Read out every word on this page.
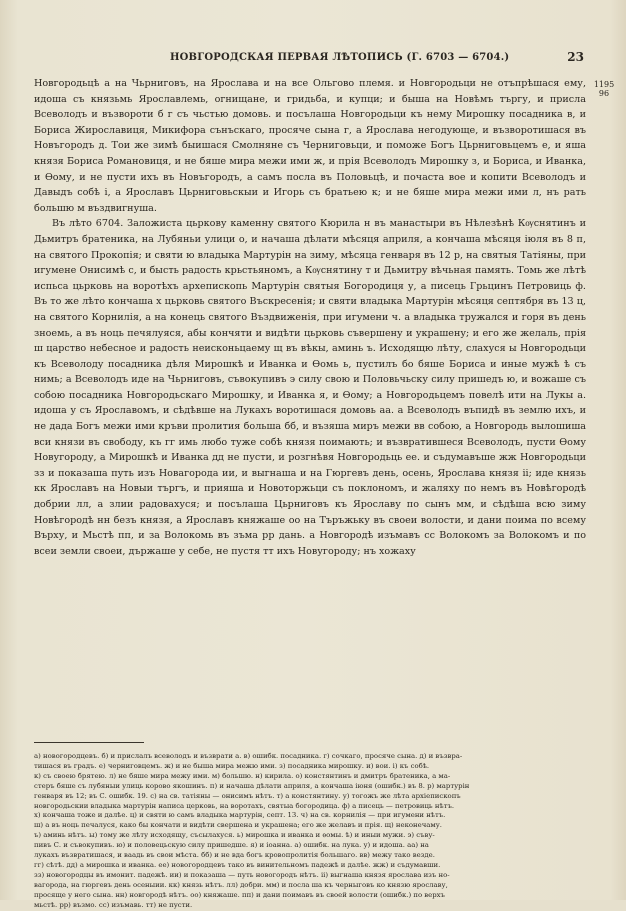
НОВГОРОДСКАЯ ПЕРВАЯ ЛѢТОПИСЬ (Г. 6703 — 6704.)	23
1195
96

Новгородьцѣ а на Чьрниговъ, на Ярослава и на все Ольгово племя. и Новгородьци не отъпрѣшася ему, идоша съ князьмь Ярославлемь, огнищане, и гридьба, и купци; и быша на Новѣмъ търгу, и присла Всеволодъ и възвороти б г съ чьстью домовь. и посълаша Новгородьци къ нему Мирошку посадника в, и Бориса Жирославиця, Микифора сънъскаго, просяче сына г, а Ярослава негодующе, и възворотишася въ Новъгородъ д. Тои же зимѣ быишася Смолняне съ Черниговьци, и поможе Богъ Цьрниговьцемъ е, и яша князя Бориса Романовиця, и не бяше мира межи ими ж, и прія Всеволодъ Мирошку з, и Бориса, и Иванка, и Ѳому, и не пусти ихъ въ Новъгородъ, а самъ посла въ Половьцѣ, и почаста вое и копити Всеволодъ и Давыдъ собѣ і, а Ярославъ Цьрниговьскыи и Игорь съ братьею к; и не бяше мира межи ими л, нъ рать большю м въздвигнуша.

Въ лѣто 6704. Заложиста цьркову каменну святого Кюрила н въ манастыри въ Нѣлезѣнѣ Кѹснятинъ и Дьмитръ братеника, на Лубяньи улици о, и начаша дѣлати мѣсяця априля, а кончаша мѣсяця іюля въ 8 п, на святого Прокопія; и святи ю владыка Мартурін на зиму, мѣсяца генваря въ 12 р, на святыя Татіяны, при игумене Онисимѣ с, и бысть радость крьстьяномъ, а Кѹснятину т и Дьмитру вѣчьная память. Томь же лѣтѣ испьса цьрковь на воротѣхъ архепископь Мартурін святыя Богородиця у, а писець Грьцинъ Петровиць ф. Въ то же лѣто кончаша х цьрковь святого Въскресенія; и святи владыка Мартурін мѣсяця септября въ 13 ц, на святого Корнилія, а на конець святого Въздвиженія, при игумени ч. а владыка тружался и горя въ день зноемь, а въ ноць печялуяся, абы кончяти и видѣти цьрковь съвершену и украшену; и его же желаль, прія ш царство небесное и радость неисконьцаему щ въ вѣкы, аминь ъ. Исходящю лѣту, слахуся ы Новгородьци къ Всеволоду посадника дѣля Мирошкѣ и Иванка и Ѳомь ь, пустилъ бо бяше Бориса и иные мужѣ ѣ съ нимь; а Всеволодъ иде на Чьрниговъ, съвокупивъ э силу свою и Половьчьску силу пришедъ ю, и вожаше съ собою посадника Новгородьскаго Мирошку, и Иванка я, и Ѳому; а Новгородьцемъ повелѣ ити на Лукы а. идоша у съ Ярославомъ, и сѣдѣвше на Лукахъ воротишася домовь аа. а Всеволодъ въпидѣ въ землю ихъ, и не дада Богъ межи ими кръви пролития больша бб, и възяша миръ межи вв собою, а Новгородь вылошиша вси князи въ свободу, къ гг имь любо туже собѣ князя поимають; и възвратившеся Всеволодъ, пусти Ѳому Новугороду, а Мирошкѣ и Иванка дд не пусти, и розгнѣвя Новгородьць ее. и съдумавъше жж Новгородьци зз и показаша путь изъ Новагорода ии, и выгнаша и на Гюргевъ день, осень, Ярослава князя іі; иде князь кк Ярославъ на Новыи търгъ, и прияша и Новоторжьци съ поклономъ, и жаляху по немъ въ Новѣгородѣ добрии лл, а злии радовахуся; и посълаша Цьрниговъ къ Ярославу по сынъ мм, и сѣдѣша всю зиму Новѣгородѣ нн безъ князя, а Ярославъ княжаше оо на Търъжьку въ своеи волости, и дани поима по всему Върху, и Мьстѣ пп, и за Волокомь въ зъма рр дань. а Новгородѣ изъмавъ сс Волокомъ за Волокомъ и по всеи земли своеи, държаше у себе, не пустя тт ихъ Новугороду; нъ хожаху

а) новогородцевъ. б) и прислалъ всеволодъ и възврати а. в) ошибк. посадника. г) сочкаго, просяче сына. д) и възвра-

тишася въ градъ. е) черниговцемъ. ж) и не быша мира межю ими. з) посадника мирошку. и) вои. і) къ собѣ.

к) съ своею брятею. л) не бяше мира межу ими. м) большю. н) кирила. о) констянтинъ и дмитръ братеника, а ма-

стеръ бяше съ лубяныи улиць корово якошинъ. п) и начаша дѣлати априля, а кончаша іюня (ошибк.) въ 8. р) мартурін

генваря въ 12; въ С. ошибк. 19. с) на св. татіяны — онисимъ нѣтъ. т) а констянтину. у) тогожъ же лѣта архіепископъ

новгородьскии владыка мартурін написа церковь, на воротахъ, святыа богородица. ф) а писець — петровиць нѣтъ.

х) кончаша тоже и далѣе. ц) и святи ю самъ владыка мартурін, септ. 13. ч) на св. корнилія — при игумени нѣтъ.

ш) а въ ноць печалуся, како бы кончати и видѣти свершена и украшена; его же желавъ и прія. щ) неконечаму.

ъ) аминь нѣтъ. ы) тому же лѣту исходящу, съсылахуся. ь) мирошка и иванка и ѳомы. ѣ) и иныи мужи. э) съву-

пивъ С. и съвокупивъ. ю) и половецьскую силу пришедше. я) и іоанна. а) ошибк. на лука. у) и идоша. аа) на

лукахъ възвратишася, и ваадь въ свои мѣста. бб) и не вда богъ кровопролитія большаго. вв) межу тако везде.

гг) сѣтѣ. дд) а мирошка и иванка. ее) новогородцевъ тако въ винительномъ падежѣ и далѣе. жж) и съдумавши.

зз) новогородцы въ имонит. падежѣ. ии) и показаша — путь новогородъ нѣтъ. іі) выгнаша князя ярослава изъ но-

вагорода, на гюргевъ день осеныии. кк) князь нѣтъ. лл) добри. мм) и посла ша къ черныговъ ко князю ярославу,

просяще у него сына. нн) новгородѣ нѣтъ. оо) княжаше. пп) и дани поимавъ въ своей волости (ошибк.) по верхъ

мьстѣ. рр) възмо. сс) изъмавь. тт) не пусти.
